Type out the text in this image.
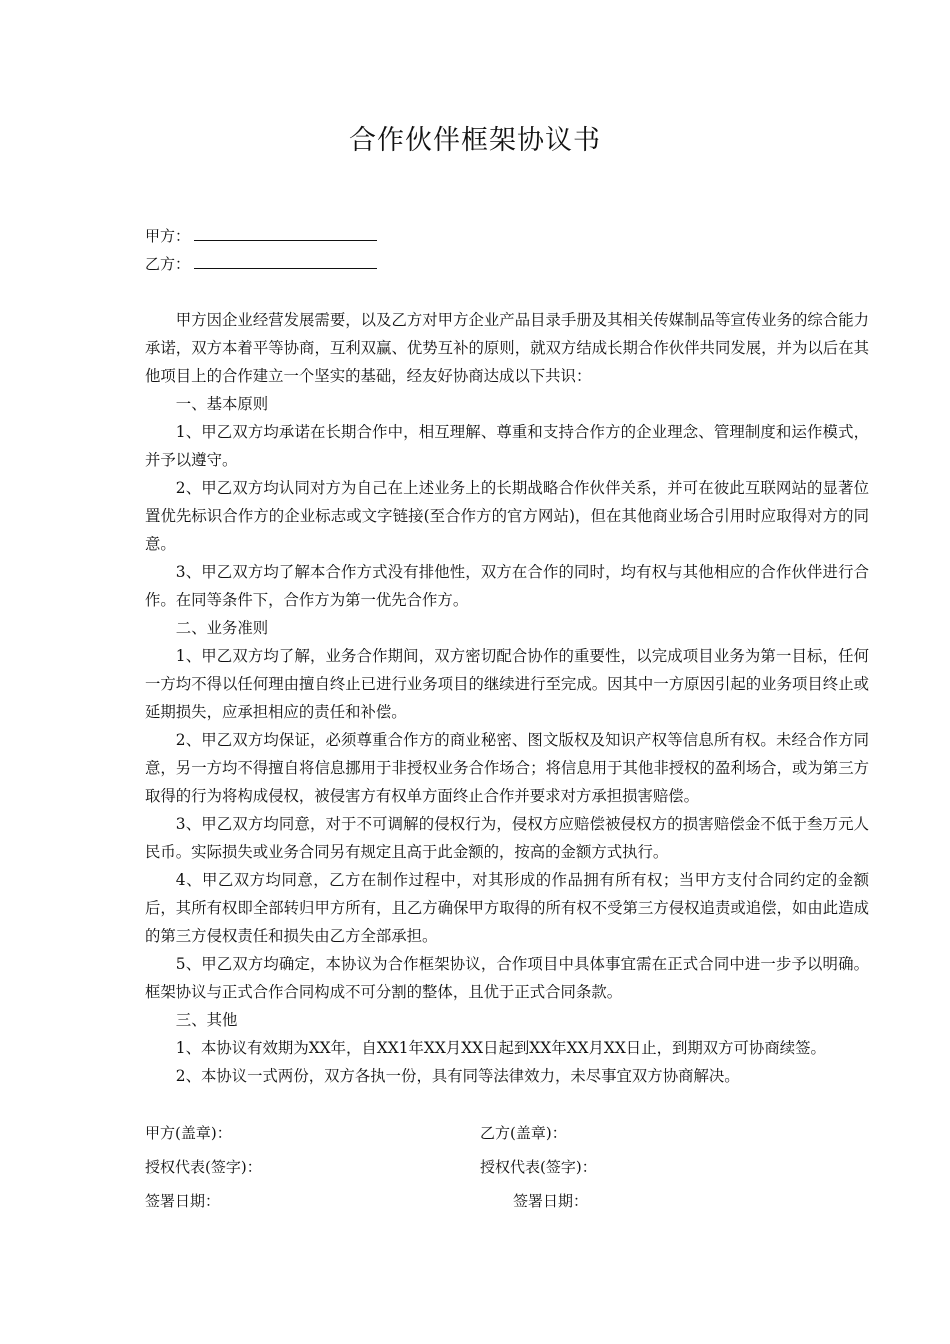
合作伙伴框架协议书
甲方：
乙方：

甲方因企业经营发展需要，以及乙方对甲方企业产品目录手册及其相关传媒制品等宣传业务的综合能力承诺，双方本着平等协商，互利双赢、优势互补的原则，就双方结成长期合作伙伴共同发展，并为以后在其他项目上的合作建立一个坚实的基础，经友好协商达成以下共识：

一、基本原则

1、甲乙双方均承诺在长期合作中，相互理解、尊重和支持合作方的企业理念、管理制度和运作模式，并予以遵守。

2、甲乙双方均认同对方为自己在上述业务上的长期战略合作伙伴关系，并可在彼此互联网站的显著位置优先标识合作方的企业标志或文字链接(至合作方的官方网站)，但在其他商业场合引用时应取得对方的同意。

3、甲乙双方均了解本合作方式没有排他性，双方在合作的同时，均有权与其他相应的合作伙伴进行合作。在同等条件下，合作方为第一优先合作方。

二、业务准则

1、甲乙双方均了解，业务合作期间，双方密切配合协作的重要性，以完成项目业务为第一目标，任何一方均不得以任何理由擅自终止已进行业务项目的继续进行至完成。因其中一方原因引起的业务项目终止或延期损失，应承担相应的责任和补偿。

2、甲乙双方均保证，必须尊重合作方的商业秘密、图文版权及知识产权等信息所有权。未经合作方同意，另一方均不得擅自将信息挪用于非授权业务合作场合；将信息用于其他非授权的盈利场合，或为第三方取得的行为将构成侵权，被侵害方有权单方面终止合作并要求对方承担损害赔偿。

3、甲乙双方均同意，对于不可调解的侵权行为，侵权方应赔偿被侵权方的损害赔偿金不低于叁万元人民币。实际损失或业务合同另有规定且高于此金额的，按高的金额方式执行。

4、甲乙双方均同意，乙方在制作过程中，对其形成的作品拥有所有权；当甲方支付合同约定的金额后，其所有权即全部转归甲方所有，且乙方确保甲方取得的所有权不受第三方侵权追责或追偿，如由此造成的第三方侵权责任和损失由乙方全部承担。

5、甲乙双方均确定，本协议为合作框架协议，合作项目中具体事宜需在正式合同中进一步予以明确。框架协议与正式合作合同构成不可分割的整体，且优于正式合同条款。

三、其他

1、本协议有效期为XX年，自XX1年XX月XX日起到XX年XX月XX日止，到期双方可协商续签。

2、本协议一式两份，双方各执一份，具有同等法律效力，未尽事宜双方协商解决。

甲方(盖章)：	乙方(盖章)：
授权代表(签字)：	授权代表(签字)：
签署日期：	签署日期：
